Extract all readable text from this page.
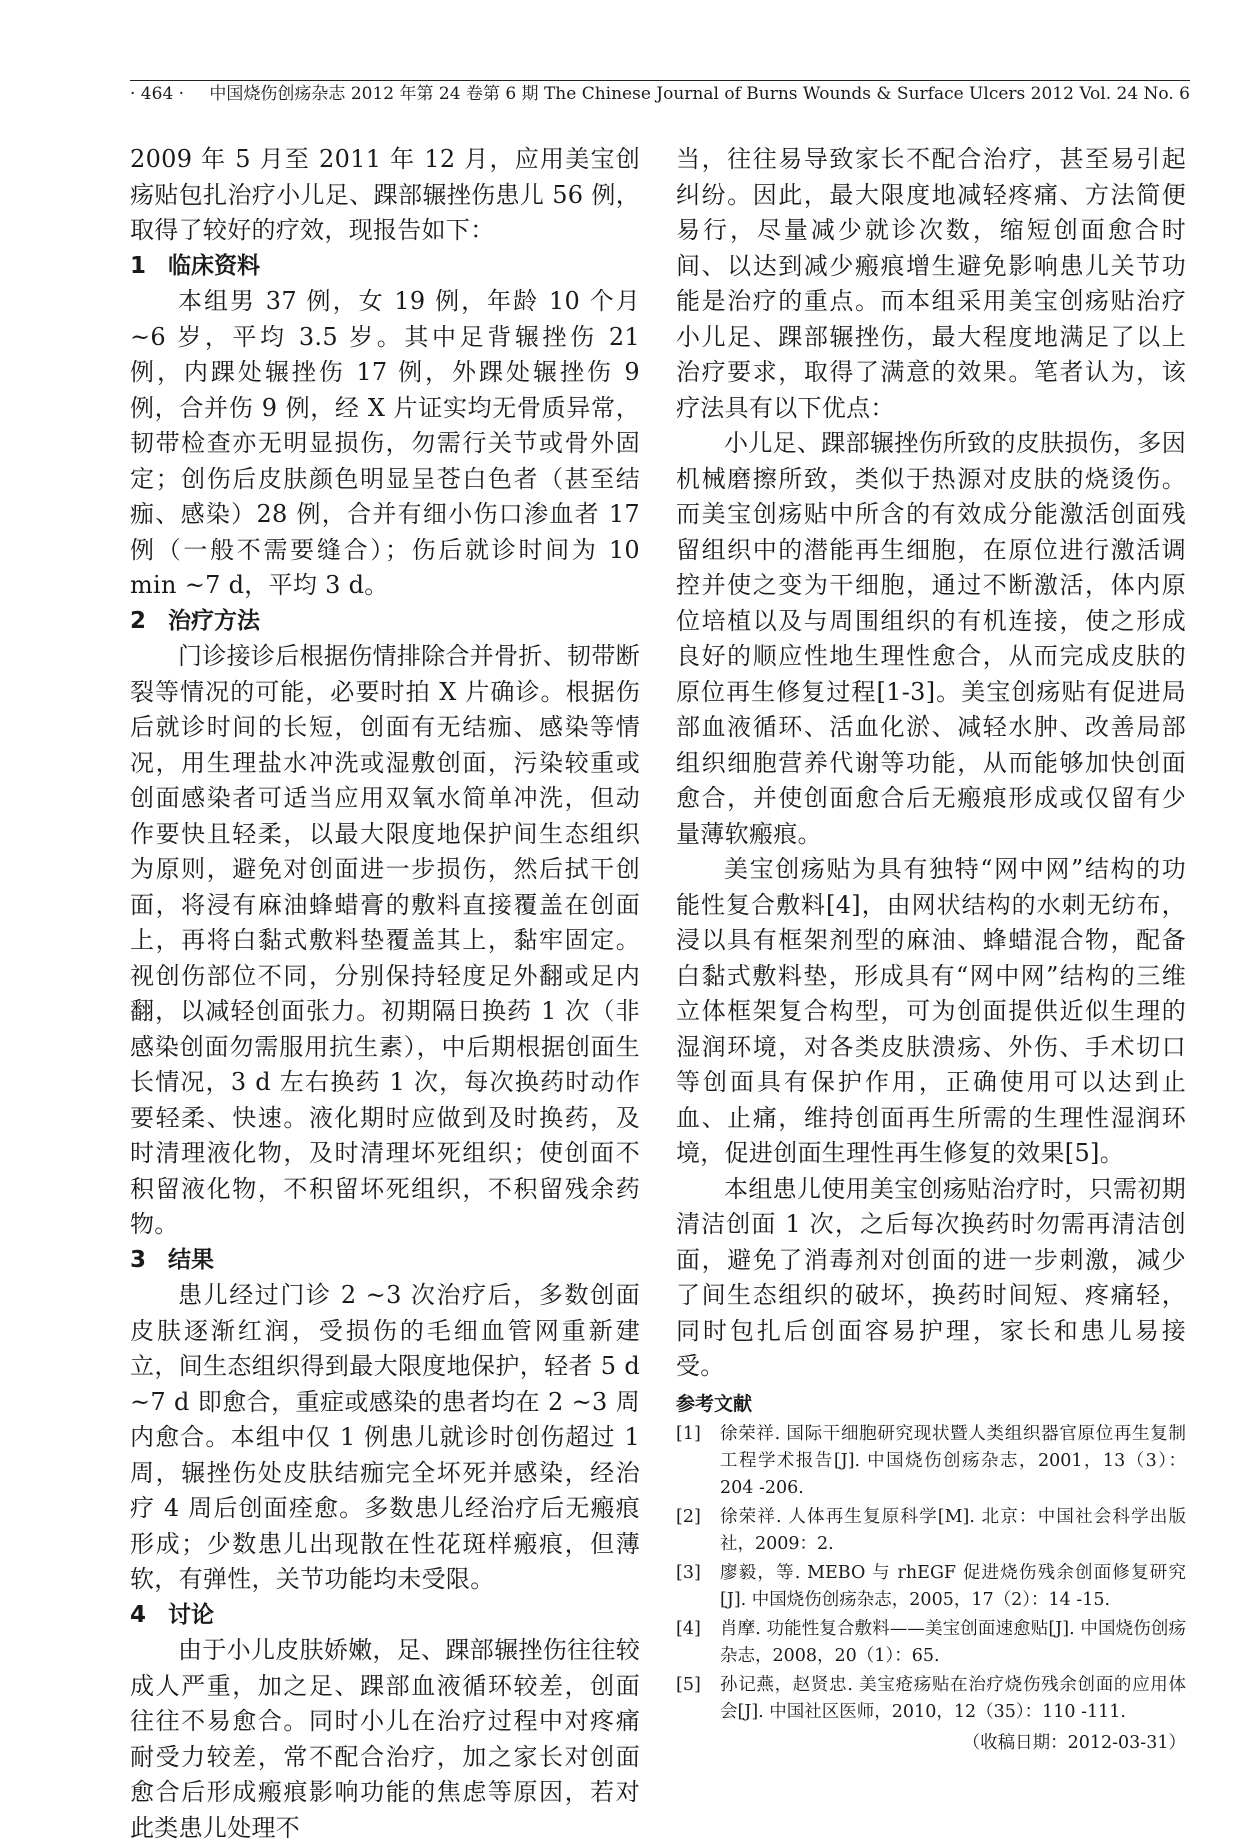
· 464 · 中国烧伤创疡杂志 2012 年第 24 卷第 6 期 The Chinese Journal of Burns Wounds & Surface Ulcers 2012 Vol. 24 No. 6

2009 年 5 月至 2011 年 12 月，应用美宝创疡贴包扎治疗小儿足、踝部辗挫伤患儿 56 例，取得了较好的疗效，现报告如下：

1 临床资料

本组男 37 例，女 19 例，年龄 10 个月 ~6 岁，平均 3.5 岁。其中足背辗挫伤 21 例，内踝处辗挫伤 17 例，外踝处辗挫伤 9 例，合并伤 9 例，经 X 片证实均无骨质异常，韧带检查亦无明显损伤，勿需行关节或骨外固定；创伤后皮肤颜色明显呈苍白色者（甚至结痂、感染）28 例，合并有细小伤口渗血者 17 例（一般不需要缝合）；伤后就诊时间为 10 min ~7 d，平均 3 d。

2 治疗方法

门诊接诊后根据伤情排除合并骨折、韧带断裂等情况的可能，必要时拍 X 片确诊。根据伤后就诊时间的长短，创面有无结痂、感染等情况，用生理盐水冲洗或湿敷创面，污染较重或创面感染者可适当应用双氧水简单冲洗，但动作要快且轻柔，以最大限度地保护间生态组织为原则，避免对创面进一步损伤，然后拭干创面，将浸有麻油蜂蜡膏的敷料直接覆盖在创面上，再将白黏式敷料垫覆盖其上，黏牢固定。视创伤部位不同，分别保持轻度足外翻或足内翻，以减轻创面张力。初期隔日换药 1 次（非感染创面勿需服用抗生素），中后期根据创面生长情况，3 d 左右换药 1 次，每次换药时动作要轻柔、快速。液化期时应做到及时换药，及时清理液化物，及时清理坏死组织；使创面不积留液化物，不积留坏死组织，不积留残余药物。

3 结果

患儿经过门诊 2 ~3 次治疗后，多数创面皮肤逐渐红润，受损伤的毛细血管网重新建立，间生态组织得到最大限度地保护，轻者 5 d ~7 d 即愈合，重症或感染的患者均在 2 ~3 周内愈合。本组中仅 1 例患儿就诊时创伤超过 1 周，辗挫伤处皮肤结痂完全坏死并感染，经治疗 4 周后创面痊愈。多数患儿经治疗后无瘢痕形成；少数患儿出现散在性花斑样瘢痕，但薄软，有弹性，关节功能均未受限。

4 讨论

由于小儿皮肤娇嫩，足、踝部辗挫伤往往较成人严重，加之足、踝部血液循环较差，创面往往不易愈合。同时小儿在治疗过程中对疼痛耐受力较差，常不配合治疗，加之家长对创面愈合后形成瘢痕影响功能的焦虑等原因，若对此类患儿处理不

当，往往易导致家长不配合治疗，甚至易引起纠纷。因此，最大限度地减轻疼痛、方法简便易行，尽量减少就诊次数，缩短创面愈合时间、以达到减少瘢痕增生避免影响患儿关节功能是治疗的重点。而本组采用美宝创疡贴治疗小儿足、踝部辗挫伤，最大程度地满足了以上治疗要求，取得了满意的效果。笔者认为，该疗法具有以下优点：

小儿足、踝部辗挫伤所致的皮肤损伤，多因机械磨擦所致，类似于热源对皮肤的烧烫伤。而美宝创疡贴中所含的有效成分能激活创面残留组织中的潜能再生细胞，在原位进行激活调控并使之变为干细胞，通过不断激活，体内原位培植以及与周围组织的有机连接，使之形成良好的顺应性地生理性愈合，从而完成皮肤的原位再生修复过程[1-3]。美宝创疡贴有促进局部血液循环、活血化淤、减轻水肿、改善局部组织细胞营养代谢等功能，从而能够加快创面愈合，并使创面愈合后无瘢痕形成或仅留有少量薄软瘢痕。

美宝创疡贴为具有独特“网中网”结构的功能性复合敷料[4]，由网状结构的水刺无纺布，浸以具有框架剂型的麻油、蜂蜡混合物，配备白黏式敷料垫，形成具有“网中网”结构的三维立体框架复合构型，可为创面提供近似生理的湿润环境，对各类皮肤溃疡、外伤、手术切口等创面具有保护作用，正确使用可以达到止血、止痛，维持创面再生所需的生理性湿润环境，促进创面生理性再生修复的效果[5]。

本组患儿使用美宝创疡贴治疗时，只需初期清洁创面 1 次，之后每次换药时勿需再清洁创面，避免了消毒剂对创面的进一步刺激，减少了间生态组织的破坏，换药时间短、疼痛轻，同时包扎后创面容易护理，家长和患儿易接受。

参考文献

[1] 徐荣祥. 国际干细胞研究现状暨人类组织器官原位再生复制工程学术报告[J]. 中国烧伤创疡杂志，2001，13（3）：204 -206.
[2] 徐荣祥. 人体再生复原科学[M]. 北京：中国社会科学出版社，2009：2.
[3] 廖毅，等. MEBO 与 rhEGF 促进烧伤残余创面修复研究[J]. 中国烧伤创疡杂志，2005，17（2）：14 -15.
[4] 肖摩. 功能性复合敷料——美宝创面速愈贴[J]. 中国烧伤创疡杂志，2008，20（1）：65.
[5] 孙记燕，赵贤忠. 美宝疮疡贴在治疗烧伤残余创面的应用体会[J]. 中国社区医师，2010，12（35）：110 -111.
（收稿日期：2012-03-31）
